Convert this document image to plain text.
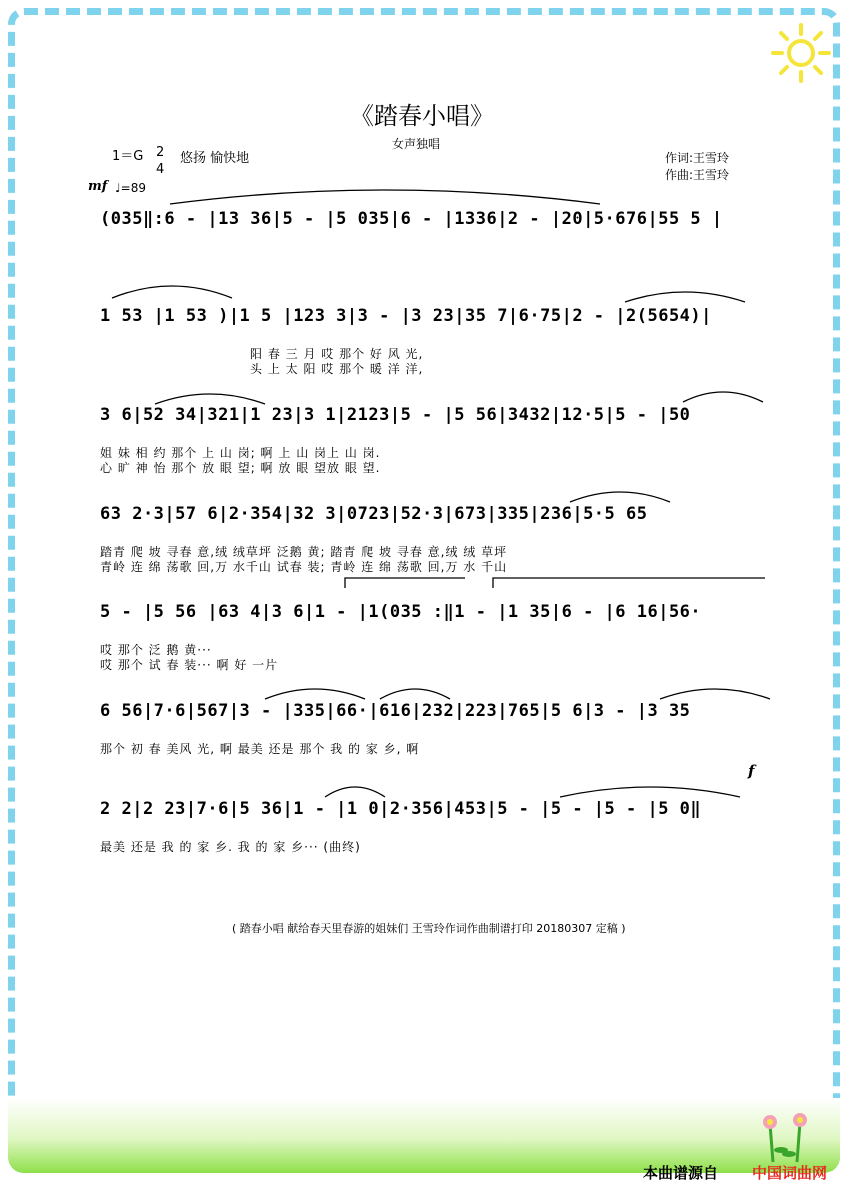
《踏春小唱》
女声独唱
1＝G 2
4
悠扬 愉快地
mf ♩=89
作词:王雪玲
作曲:王雪玲
(035‖:6 - |13 36|5 - |5 035|6 - |1336|2 - |20|5·676|55 5 |
1 53 |1 53 )|1 5 |123 3|3 - |3 23|35 7|6·75|2 - |2(5654)|
阳 春 三 月 哎 那个 好 风 光,
头 上 太 阳 哎 那个 暖 洋 洋,
3 6|52 34|321|1 23|3 1|2123|5 - |5 56|3432|12·5|5 - |50
姐 妹 相 约 那个 上 山 岗; 啊 上 山 岗上 山 岗.
心 旷 神 怡 那个 放 眼 望; 啊 放 眼 望放 眼 望.
63 2·3|57 6|2·354|32 3|0723|52·3|673|335|236|5·5 65
踏青 爬 坡 寻春 意,绒 绒草坪 泛鹅 黄; 踏青 爬 坡 寻春 意,绒 绒 草坪
青岭 连 绵 荡歌 回,万 水千山 试春 装; 青岭 连 绵 荡歌 回,万 水 千山
5 - |5 56 |63 4|3 6|1 - |1(035 :‖1 - |1 35|6 - |6 16|56·
哎 那个 泛 鹅 黄···
哎 那个 试 春 装··· 啊 好 一片
6 56|7·6|567|3 - |335|66·|616|232|223|765|5 6|3 - |3 35
那个 初 春 美风 光, 啊 最美 还是 那个 我 的 家 乡, 啊
f
2 2|2 23|7·6|5 36|1 - |1 0|2·356|453|5 - |5 - |5 - |5 0‖
最美 还是 我 的 家 乡. 我 的 家 乡··· (曲终)
( 踏春小唱 献给春天里春游的姐妹们 王雪玲作词作曲制谱打印 20180307 定稿 )
本曲谱源自 中国词曲网
